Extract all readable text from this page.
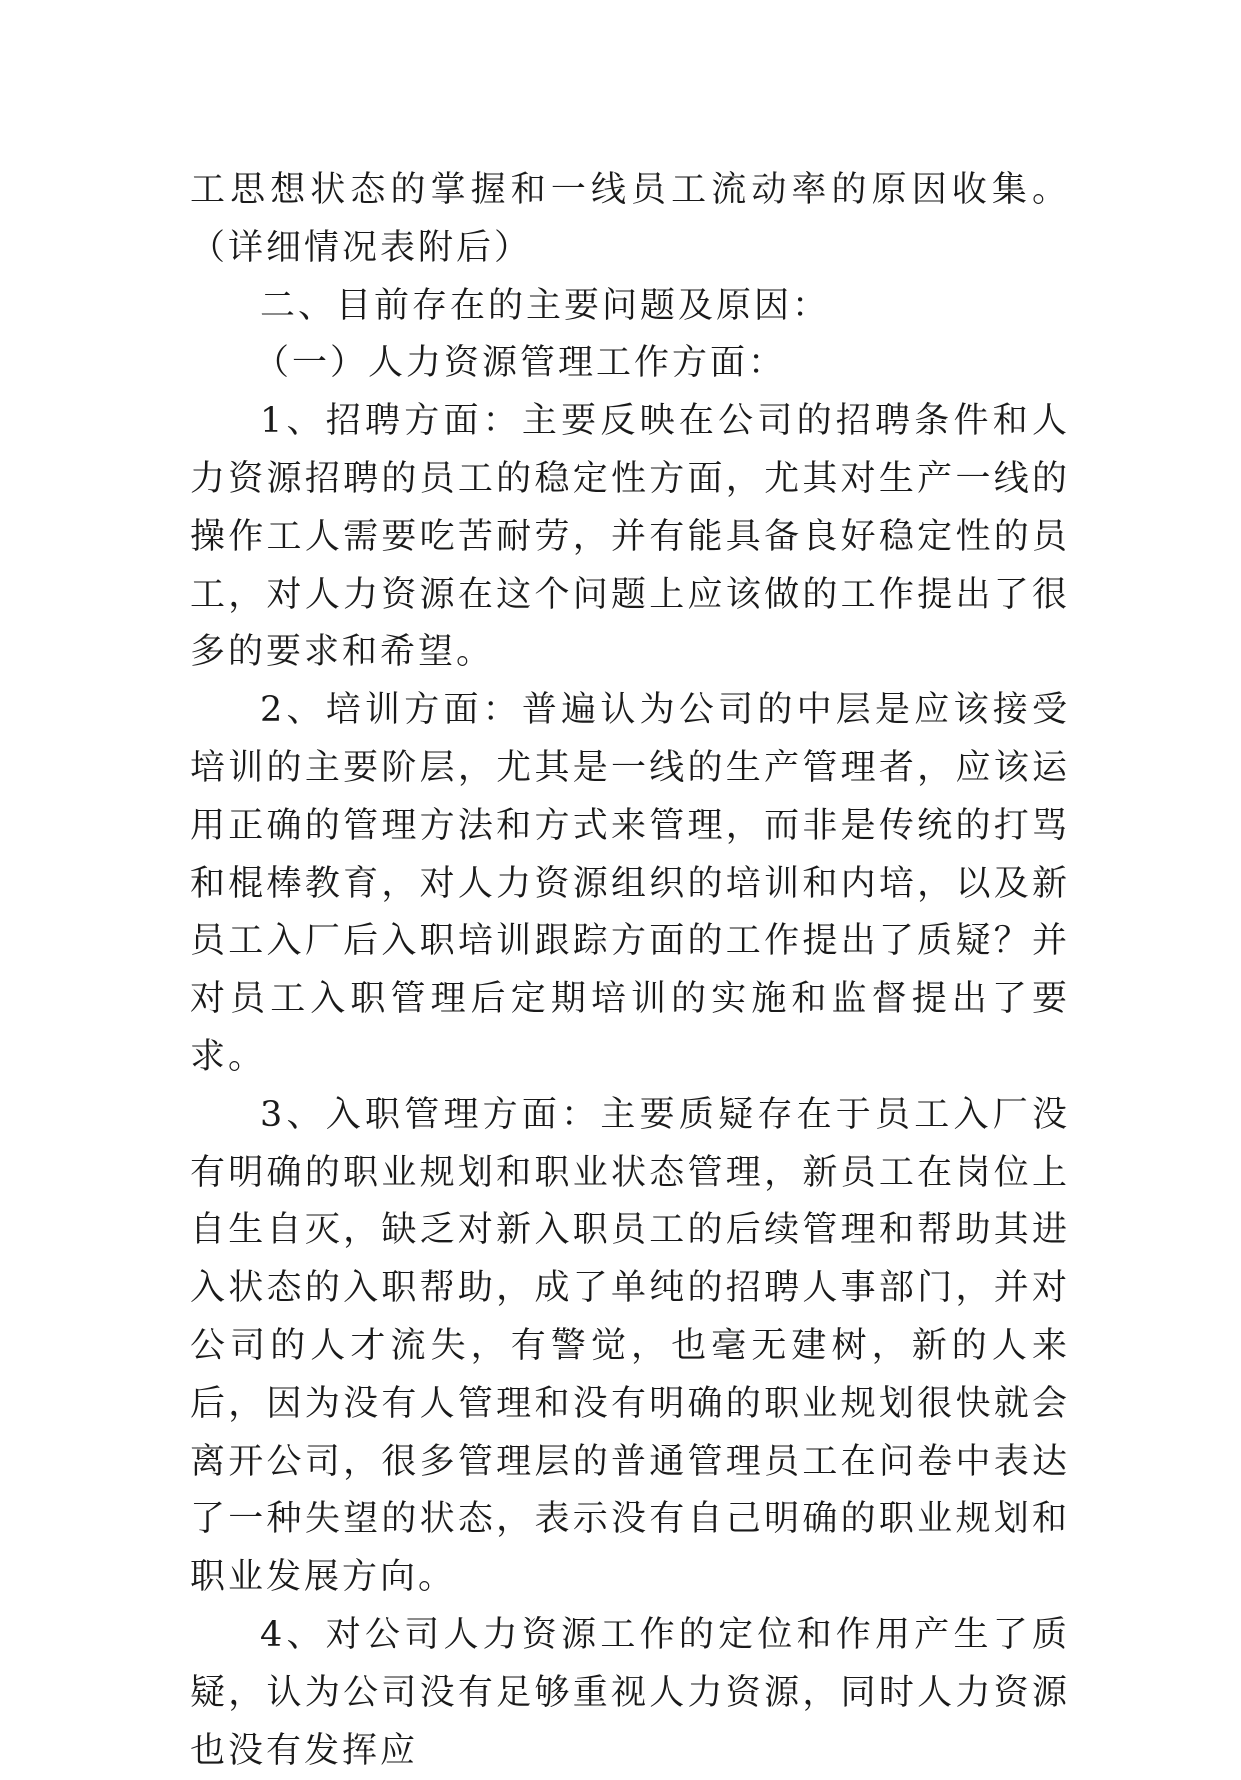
工思想状态的掌握和一线员工流动率的原因收集。（详细情况表附后）

二、目前存在的主要问题及原因：

（一）人力资源管理工作方面：

1、招聘方面：主要反映在公司的招聘条件和人力资源招聘的员工的稳定性方面，尤其对生产一线的操作工人需要吃苦耐劳，并有能具备良好稳定性的员工，对人力资源在这个问题上应该做的工作提出了很多的要求和希望。

2、培训方面：普遍认为公司的中层是应该接受培训的主要阶层，尤其是一线的生产管理者，应该运用正确的管理方法和方式来管理，而非是传统的打骂和棍棒教育，对人力资源组织的培训和内培，以及新员工入厂后入职培训跟踪方面的工作提出了质疑？并对员工入职管理后定期培训的实施和监督提出了要求。

3、入职管理方面：主要质疑存在于员工入厂没有明确的职业规划和职业状态管理，新员工在岗位上自生自灭，缺乏对新入职员工的后续管理和帮助其进入状态的入职帮助，成了单纯的招聘人事部门，并对公司的人才流失，有警觉，也毫无建树，新的人来后，因为没有人管理和没有明确的职业规划很快就会离开公司，很多管理层的普通管理员工在问卷中表达了一种失望的状态，表示没有自己明确的职业规划和职业发展方向。

4、对公司人力资源工作的定位和作用产生了质疑，认为公司没有足够重视人力资源，同时人力资源也没有发挥应
